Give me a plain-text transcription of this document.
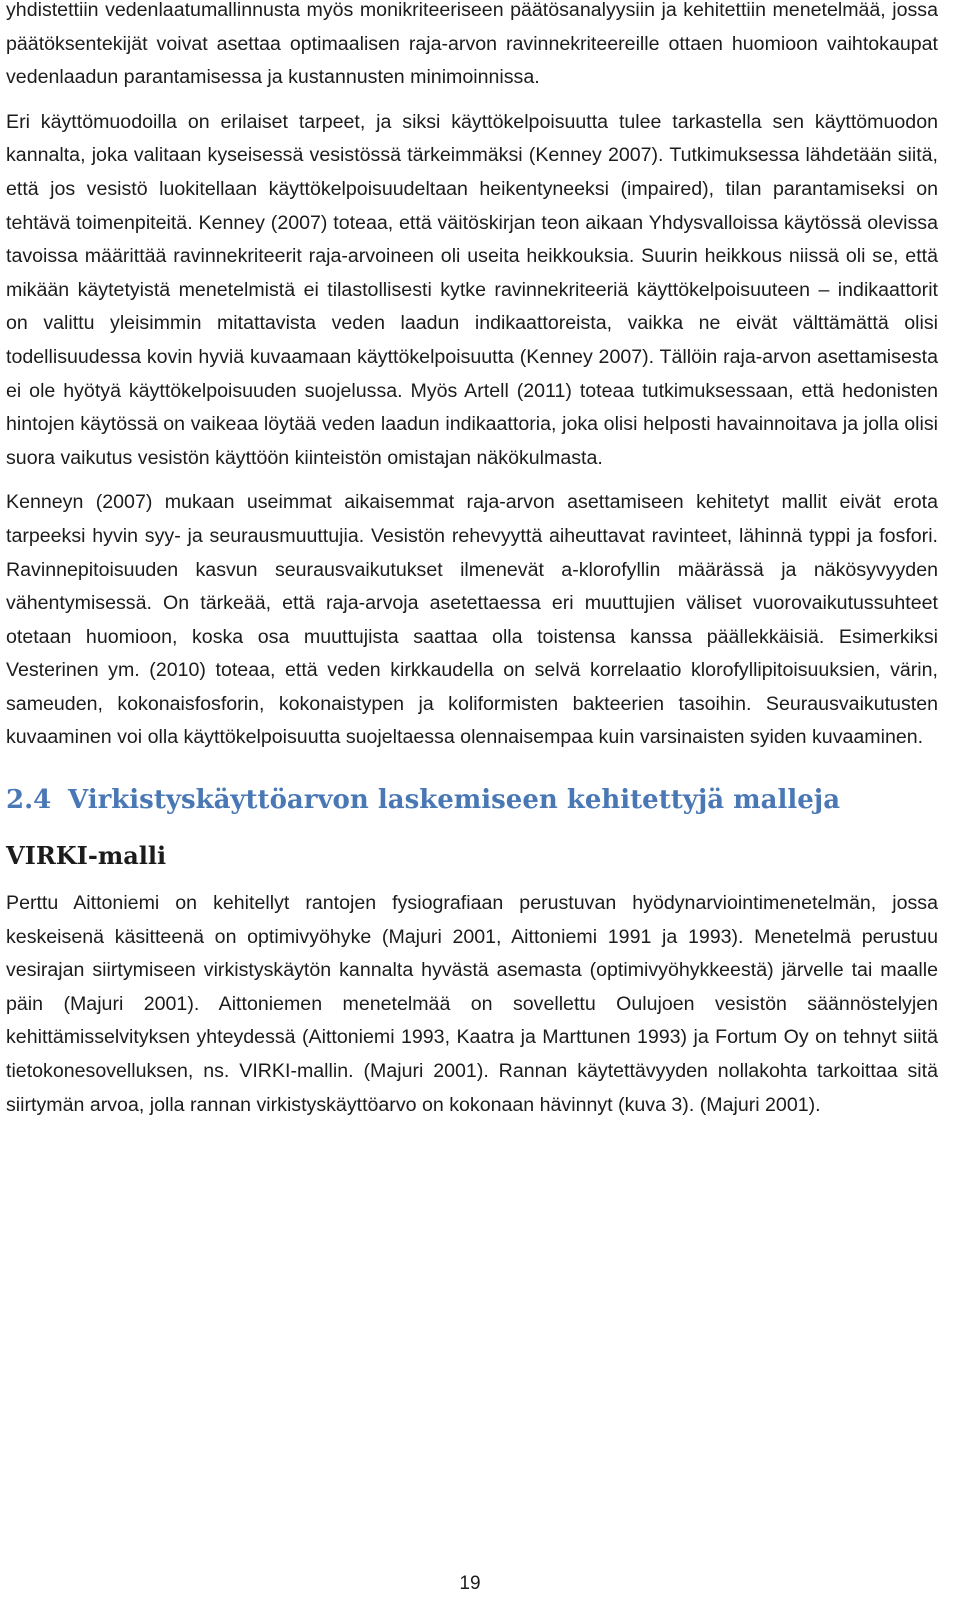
yhdistettiin vedenlaatumallinnusta myös monikriteeriseen päätösanalyysiin ja kehitettiin menetelmää, jossa päätöksentekijät voivat asettaa optimaalisen raja-arvon ravinnekriteereille ottaen huomioon vaihtokaupat vedenlaadun parantamisessa ja kustannusten minimoinnissa.

Eri käyttömuodoilla on erilaiset tarpeet, ja siksi käyttökelpoisuutta tulee tarkastella sen käyttömuodon kannalta, joka valitaan kyseisessä vesistössä tärkeimmäksi (Kenney 2007). Tutkimuksessa lähdetään siitä, että jos vesistö luokitellaan käyttökelpoisuudeltaan heikentyneeksi (impaired), tilan parantamiseksi on tehtävä toimenpiteitä. Kenney (2007) toteaa, että väitöskirjan teon aikaan Yhdysvalloissa käytössä olevissa tavoissa määrittää ravinnekriteerit raja-arvoineen oli useita heikkouksia. Suurin heikkous niissä oli se, että mikään käytetyistä menetelmistä ei tilastollisesti kytke ravinnekriteeriä käyttökelpoisuuteen – indikaattorit on valittu yleisimmin mitattavista veden laadun indikaattoreista, vaikka ne eivät välttämättä olisi todellisuudessa kovin hyviä kuvaamaan käyttökelpoisuutta (Kenney 2007). Tällöin raja-arvon asettamisesta ei ole hyötyä käyttökelpoisuuden suojelussa. Myös Artell (2011) toteaa tutkimuksessaan, että hedonisten hintojen käytössä on vaikeaa löytää veden laadun indikaattoria, joka olisi helposti havainnoitava ja jolla olisi suora vaikutus vesistön käyttöön kiinteistön omistajan näkökulmasta.

Kenneyn (2007) mukaan useimmat aikaisemmat raja-arvon asettamiseen kehitetyt mallit eivät erota tarpeeksi hyvin syy- ja seurausmuuttujia. Vesistön rehevyyttä aiheuttavat ravinteet, lähinnä typpi ja fosfori. Ravinnepitoisuuden kasvun seurausvaikutukset ilmenevät a-klorofyllin määrässä ja näkösyvyyden vähentymisessä. On tärkeää, että raja-arvoja asetettaessa eri muuttujien väliset vuorovaikutussuhteet otetaan huomioon, koska osa muuttujista saattaa olla toistensa kanssa päällekkäisiä. Esimerkiksi Vesterinen ym. (2010) toteaa, että veden kirkkaudella on selvä korrelaatio klorofyllipitoisuuksien, värin, sameuden, kokonaisfosforin, kokonaistypen ja koliformisten bakteerien tasoihin. Seurausvaikutusten kuvaaminen voi olla käyttökelpoisuutta suojeltaessa olennaisempaa kuin varsinaisten syiden kuvaaminen.

2.4 Virkistyskäyttöarvon laskemiseen kehitettyjä malleja
VIRKI-malli

Perttu Aittoniemi on kehitellyt rantojen fysiografiaan perustuvan hyödynarviointimenetelmän, jossa keskeisenä käsitteenä on optimivyöhyke (Majuri 2001, Aittoniemi 1991 ja 1993). Menetelmä perustuu vesirajan siirtymiseen virkistyskäytön kannalta hyvästä asemasta (optimivyöhykkeestä) järvelle tai maalle päin (Majuri 2001). Aittoniemen menetelmää on sovellettu Oulujoen vesistön säännöstelyjen kehittämisselvityksen yhteydessä (Aittoniemi 1993, Kaatra ja Marttunen 1993) ja Fortum Oy on tehnyt siitä tietokonesovelluksen, ns. VIRKI-mallin. (Majuri 2001). Rannan käytettävyyden nollakohta tarkoittaa sitä siirtymän arvoa, jolla rannan virkistyskäyttöarvo on kokonaan hävinnyt (kuva 3). (Majuri 2001).

19
